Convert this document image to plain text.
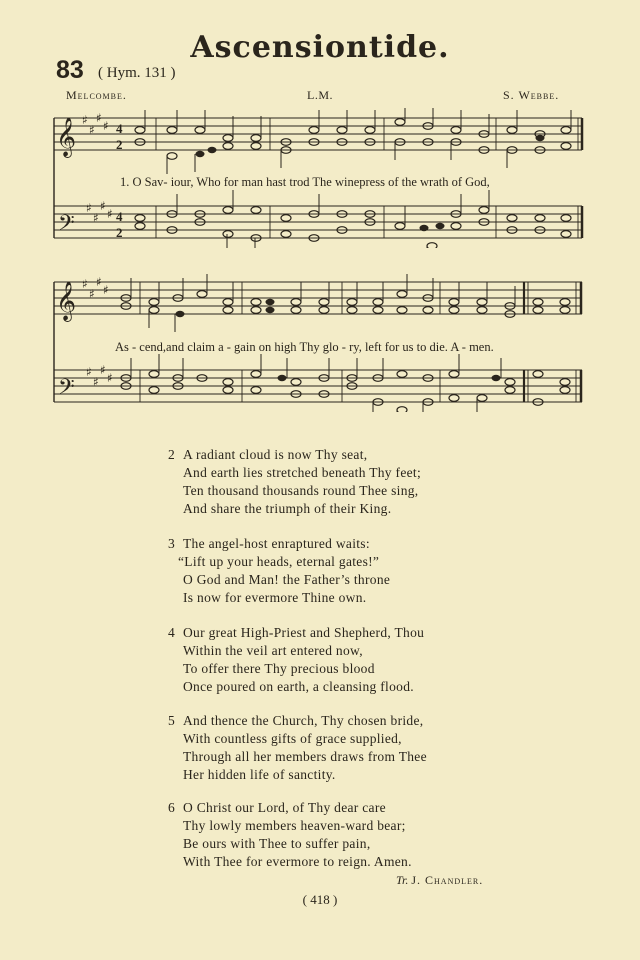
Ascensiontide.
83 ( Hym. 131 )
Melcombe.	L.M.	S. Webbe.
𝄞
𝄢
♯
♯
♯
♯
♯
♯
♯
♯
4
2
4
2
1. O Sav- iour, Who for man hast trod The winepress of the wrath of God,
𝄞
𝄢
♯
♯
♯
♯
♯
♯
♯
♯
As - cend,and claim a - gain on high Thy glo - ry, left for us to die. A - men.
2 A radiant cloud is now Thy seat,
And earth lies stretched beneath Thy feet;
Ten thousand thousands round Thee sing,
And share the triumph of their King.
3 The angel-host enraptured waits:
“Lift up your heads, eternal gates!”
O God and Man! the Father’s throne
Is now for evermore Thine own.
4 Our great High-Priest and Shepherd, Thou
Within the veil art entered now,
To offer there Thy precious blood
Once poured on earth, a cleansing flood.
5 And thence the Church, Thy chosen bride,
With countless gifts of grace supplied,
Through all her members draws from Thee
Her hidden life of sanctity.
6 O Christ our Lord, of Thy dear care
Thy lowly members heaven-ward bear;
Be ours with Thee to suffer pain,
With Thee for evermore to reign. Amen.
Tr. J. Chandler.
( 418 )
